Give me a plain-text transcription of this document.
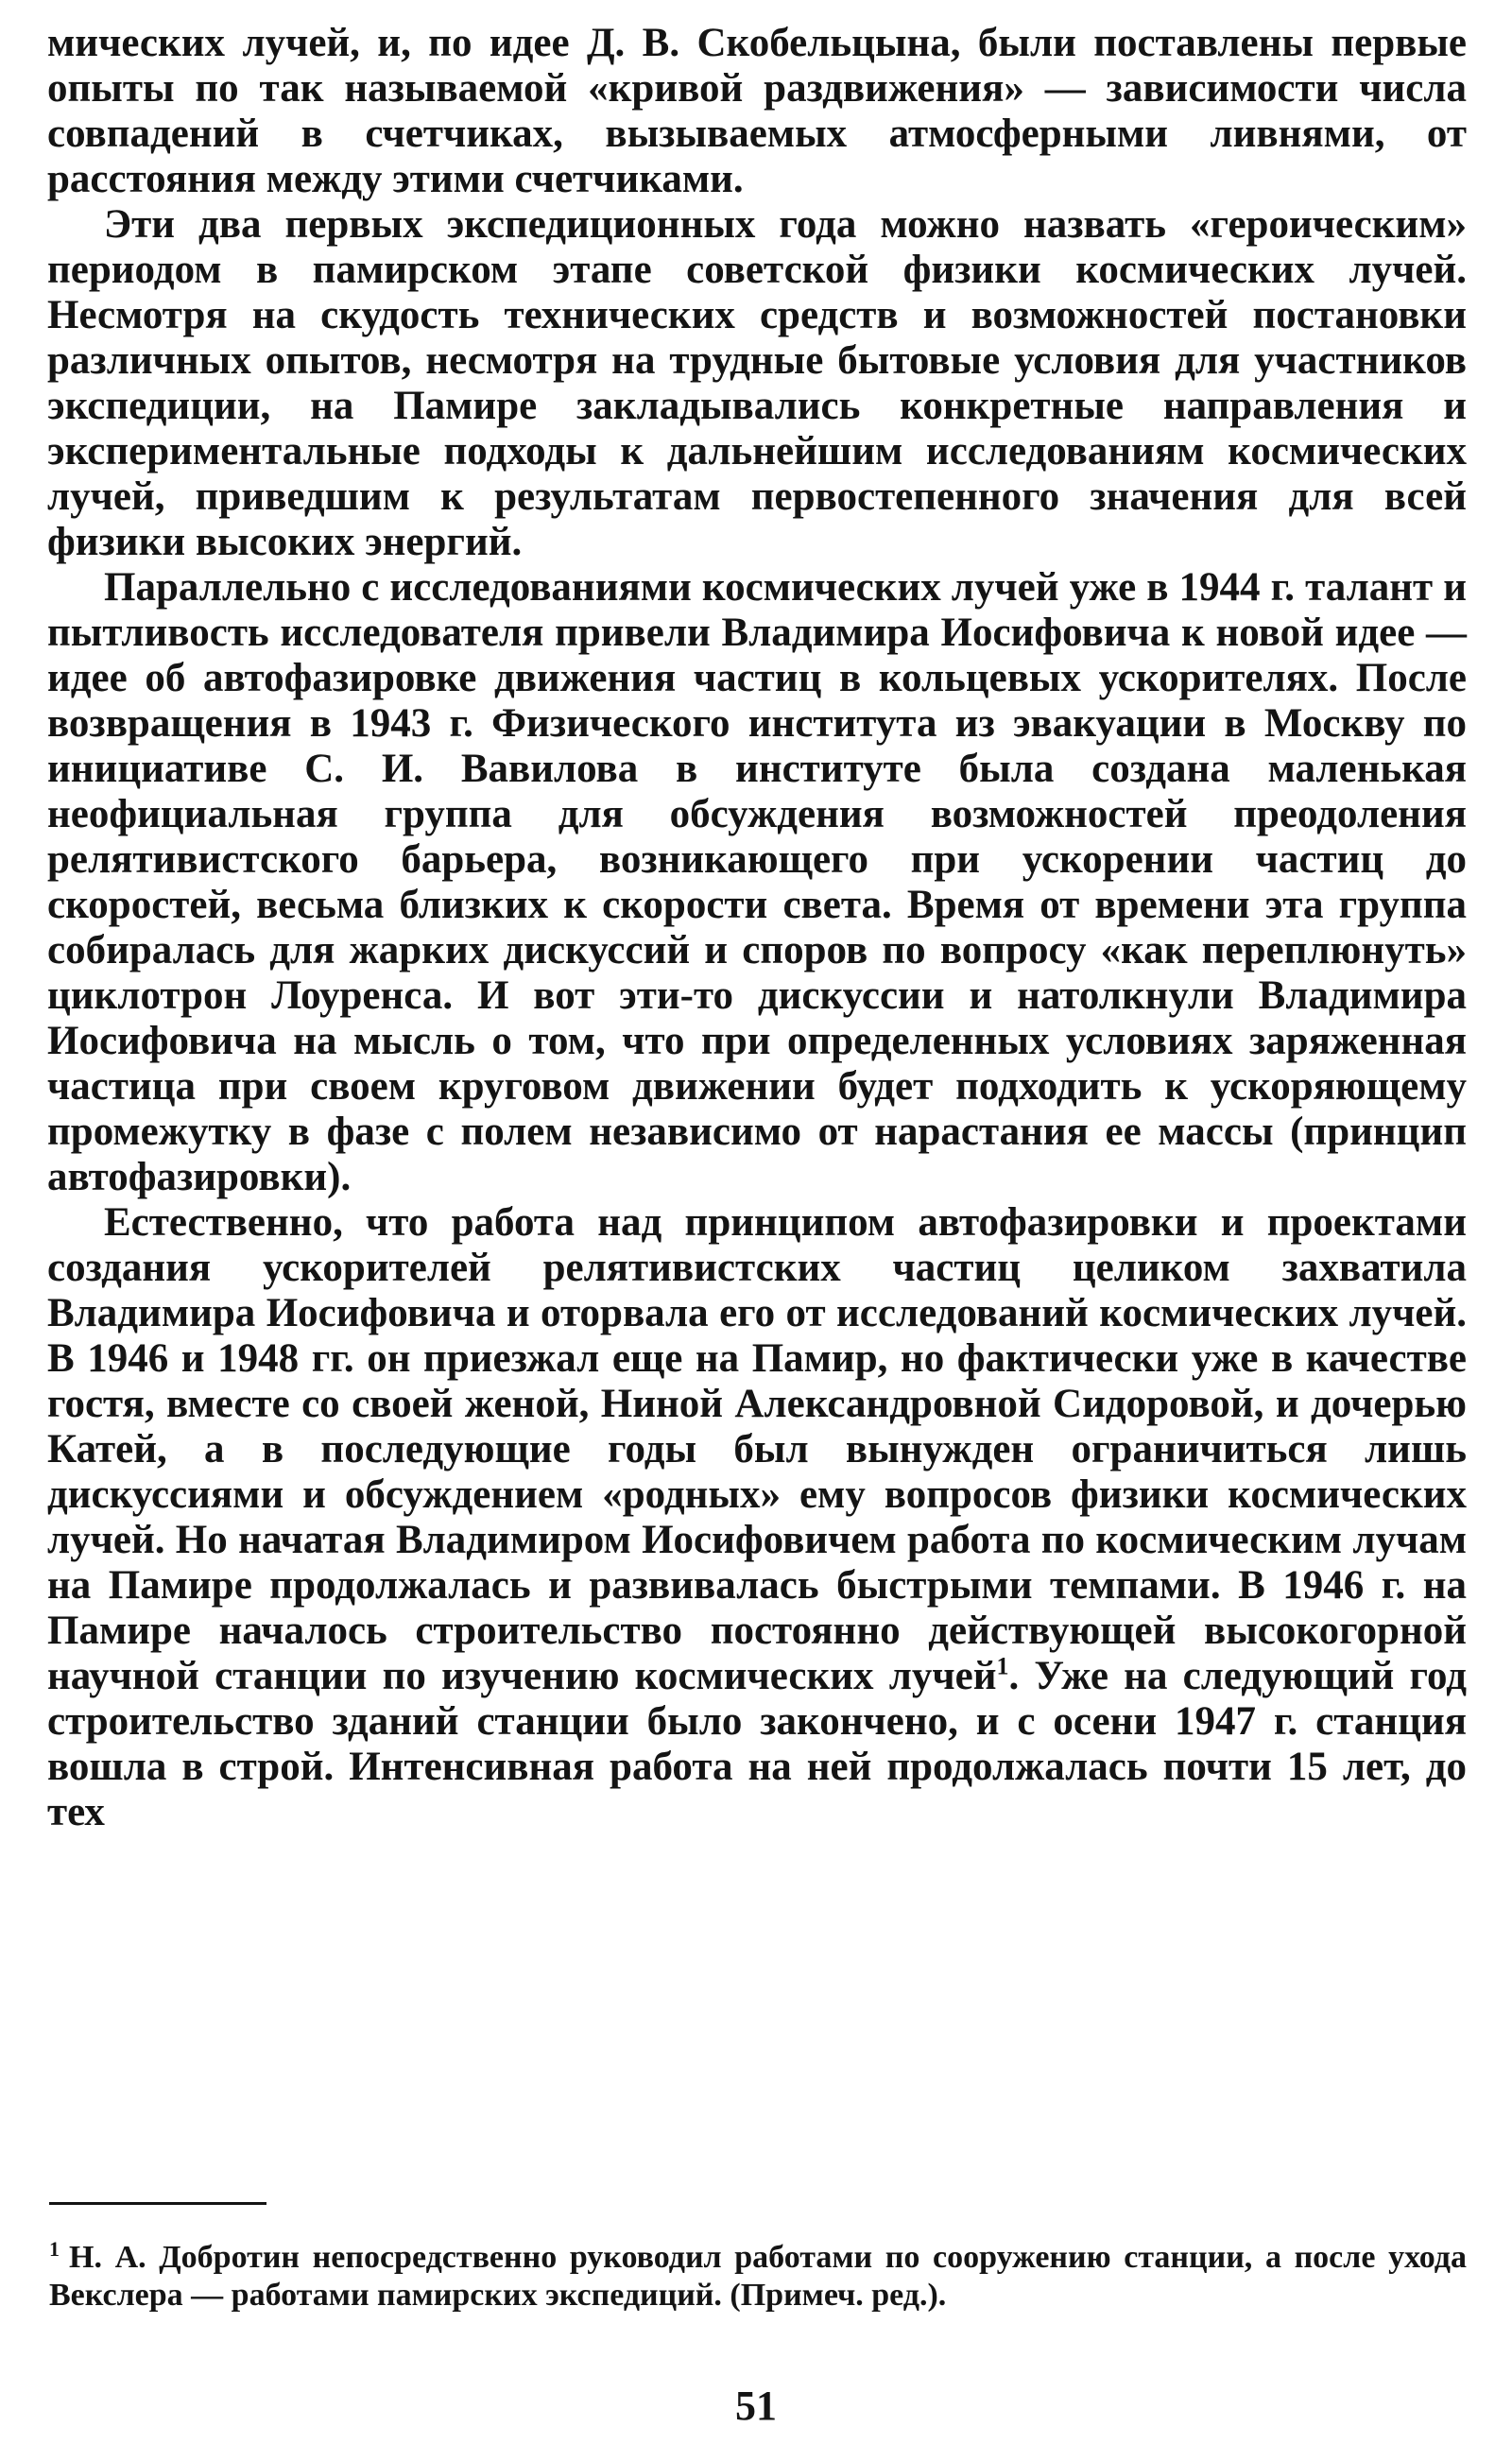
мических лучей, и, по идее Д. В. Скобельцына, были поставлены первые опыты по так называемой «кривой раздвижения» — зависимости числа совпадений в счетчиках, вызываемых атмосферными ливнями, от расстояния между этими счетчиками.

Эти два первых экспедиционных года можно назвать «героическим» периодом в памирском этапе советской физики космических лучей. Несмотря на скудость технических средств и возможностей постановки различных опытов, несмотря на трудные бытовые условия для участников экспедиции, на Памире закладывались конкретные направления и экспериментальные подходы к дальнейшим исследованиям космических лучей, приведшим к результатам первостепенного значения для всей физики высоких энергий.

Параллельно с исследованиями космических лучей уже в 1944 г. талант и пытливость исследователя привели Владимира Иосифовича к новой идее — идее об автофазировке движения частиц в кольцевых ускорителях. После возвращения в 1943 г. Физического института из эвакуации в Москву по инициативе С. И. Вавилова в институте была создана маленькая неофициальная группа для обсуждения возможностей преодоления релятивистского барьера, возникающего при ускорении частиц до скоростей, весьма близких к скорости света. Время от времени эта группа собиралась для жарких дискуссий и споров по вопросу «как переплюнуть» циклотрон Лоуренса. И вот эти-то дискуссии и натолкнули Владимира Иосифовича на мысль о том, что при определенных условиях заряженная частица при своем круговом движении будет подходить к ускоряющему промежутку в фазе с полем независимо от нарастания ее массы (принцип автофазировки).

Естественно, что работа над принципом автофазировки и проектами создания ускорителей релятивистских частиц целиком захватила Владимира Иосифовича и оторвала его от исследований космических лучей. В 1946 и 1948 гг. он приезжал еще на Памир, но фактически уже в качестве гостя, вместе со своей женой, Ниной Александровной Сидоровой, и дочерью Катей, а в последующие годы был вынужден ограничиться лишь дискуссиями и обсуждением «родных» ему вопросов физики космических лучей. Но начатая Владимиром Иосифовичем работа по космическим лучам на Памире продолжалась и развивалась быстрыми темпами. В 1946 г. на Памире началось строительство постоянно действующей высокогорной научной станции по изучению космических лучей$^1$. Уже на следующий год строительство зданий станции было закончено, и с осени 1947 г. станция вошла в строй. Интенсивная работа на ней продолжалась почти 15 лет, до тех

$^1$ Н. А. Добротин непосредственно руководил работами по сооружению станции, а после ухода Векслера — работами памирских экспедиций. (Примеч. ред.).

51
